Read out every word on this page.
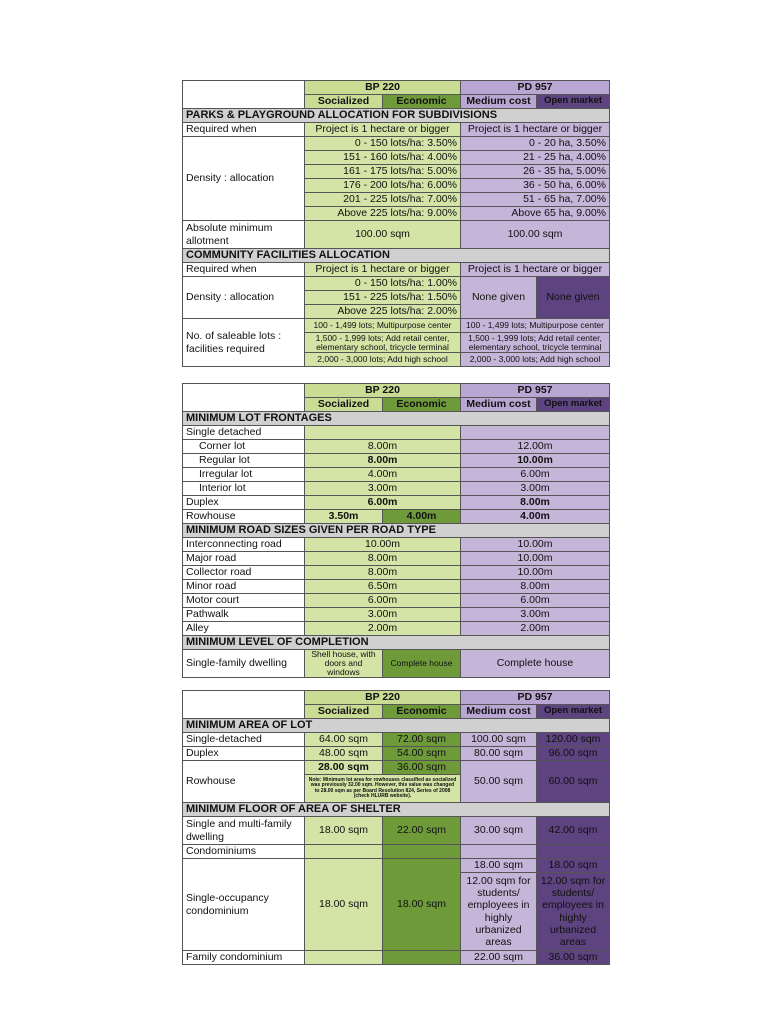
	BP 220		PD 957	
	Socialized	Economic	Medium cost	Open market
PARKS & PLAYGROUND ALLOCATION FOR SUBDIVISIONS				
Required when	Project is 1 hectare or bigger		Project is 1 hectare or bigger	
Density : allocation	0 - 150 lots/ha: 3.50%		0 - 20 ha, 3.50%	
	151 - 160 lots/ha: 4.00%		21 - 25 ha, 4.00%	
	161 - 175 lots/ha: 5.00%		26 - 35 ha, 5.00%	
	176 - 200 lots/ha: 6.00%		36 - 50 ha, 6.00%	
	201 - 225 lots/ha: 7.00%		51 - 65 ha, 7.00%	
	Above 225 lots/ha: 9.00%		Above 65 ha, 9.00%	
Absolute minimum allotment	100.00 sqm		100.00 sqm	
COMMUNITY FACILITIES ALLOCATION				
Required when	Project is 1 hectare or bigger		Project is 1 hectare or bigger	
Density : allocation	0 - 150 lots/ha: 1.00%		None given	None given
	151 - 225 lots/ha: 1.50%			
	Above 225 lots/ha: 2.00%			
No. of saleable lots : facilities required	100 - 1,499 lots; Multipurpose center		100 - 1,499 lots; Multipurpose center	
	1,500 - 1,999 lots; Add retail center, elementary school, tricycle terminal		1,500 - 1,999 lots; Add retail center, elementary school, tricycle terminal	
	2,000 - 3,000 lots; Add high school		2,000 - 3,000 lots; Add high school	
	BP 220		PD 957	
	Socialized	Economic	Medium cost	Open market
MINIMUM LOT FRONTAGES				
Single detached				
Corner lot	8.00m		12.00m	
Regular lot	8.00m		10.00m	
Irregular lot	4.00m		6.00m	
Interior lot	3.00m		3.00m	
Duplex	6.00m		8.00m	
Rowhouse	3.50m	4.00m	4.00m	
MINIMUM ROAD SIZES GIVEN PER ROAD TYPE				
Interconnecting road	10.00m		10.00m	
Major road	8.00m		10.00m	
Collector road	8.00m		10.00m	
Minor road	6.50m		8.00m	
Motor court	6.00m		6.00m	
Pathwalk	3.00m		3.00m	
Alley	2.00m		2.00m	
MINIMUM LEVEL OF COMPLETION				
Single-family dwelling	Shell house, with doors and windows	Complete house	Complete house	
	BP 220		PD 957	
	Socialized	Economic	Medium cost	Open market
MINIMUM AREA OF LOT				
Single-detached	64.00 sqm	72.00 sqm	100.00 sqm	120.00 sqm
Duplex	48.00 sqm	54.00 sqm	80.00 sqm	96.00 sqm
Rowhouse	28.00 sqm	36.00 sqm	50.00 sqm	60.00 sqm
	Note: Minimum lot area for rowhouses classified as socialized was previously 32.00 sqm. However, this value was changed to 28.00 sqm as per Board Resolution 824, Series of 2008 (check HLURB website).			
MINIMUM FLOOR OF AREA OF SHELTER				
Single and multi-family dwelling	18.00 sqm	22.00 sqm	30.00 sqm	42.00 sqm
Condominiums				
Single-occupancy condominium	18.00 sqm	18.00 sqm	18.00 sqm	18.00 sqm
			12.00 sqm for students/ employees in highly urbanized areas	12.00 sqm for students/ employees in highly urbanized areas
Family condominium			22.00 sqm	36.00 sqm
